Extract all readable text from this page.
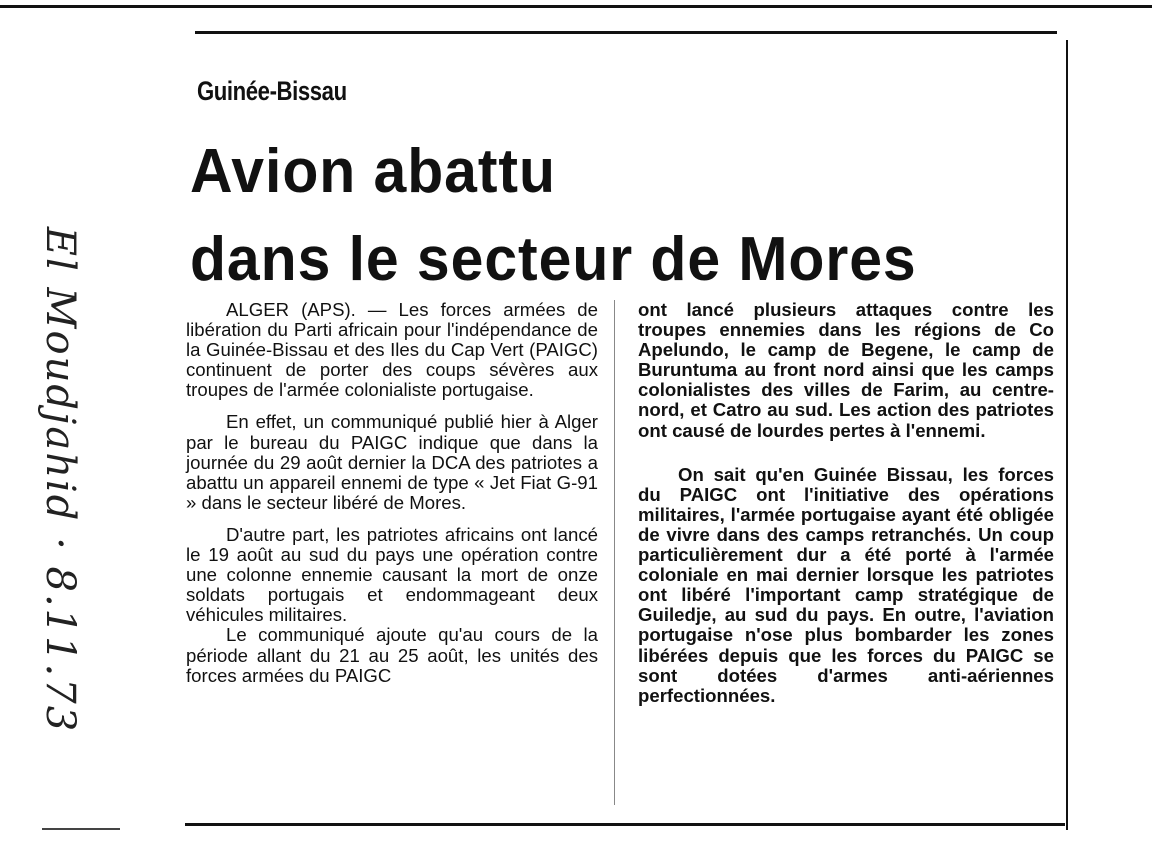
El Moudjahid · 8.11.73
Guinée-Bissau
Avion abattu
dans le secteur de Mores

ALGER (APS). — Les forces armées de libération du Parti africain pour l'indépendance de la Guinée-Bissau et des Iles du Cap Vert (PAIGC) continuent de porter des coups sévères aux troupes de l'armée colonialiste portugaise.

En effet, un communiqué publié hier à Alger par le bureau du PAIGC indique que dans la journée du 29 août dernier la DCA des patriotes a abattu un appareil ennemi de type « Jet Fiat G-91 » dans le secteur libéré de Mores.

D'autre part, les patriotes africains ont lancé le 19 août au sud du pays une opération contre une colonne ennemie causant la mort de onze soldats portugais et endommageant deux véhicules militaires.

Le communiqué ajoute qu'au cours de la période allant du 21 au 25 août, les unités des forces armées du PAIGC

ont lancé plusieurs attaques contre les troupes ennemies dans les régions de Co Apelundo, le camp de Begene, le camp de Buruntuma au front nord ainsi que les camps colonialistes des villes de Farim, au centre-nord, et Catro au sud. Les action des patriotes ont causé de lourdes pertes à l'ennemi.

On sait qu'en Guinée Bissau, les forces du PAIGC ont l'initiative des opérations militaires, l'armée portugaise ayant été obligée de vivre dans des camps retranchés. Un coup particulièrement dur a été porté à l'armée coloniale en mai dernier lorsque les patriotes ont libéré l'important camp stratégique de Guiledje, au sud du pays. En outre, l'aviation portugaise n'ose plus bombarder les zones libérées depuis que les forces du PAIGC se sont dotées d'armes anti-aériennes perfectionnées.
